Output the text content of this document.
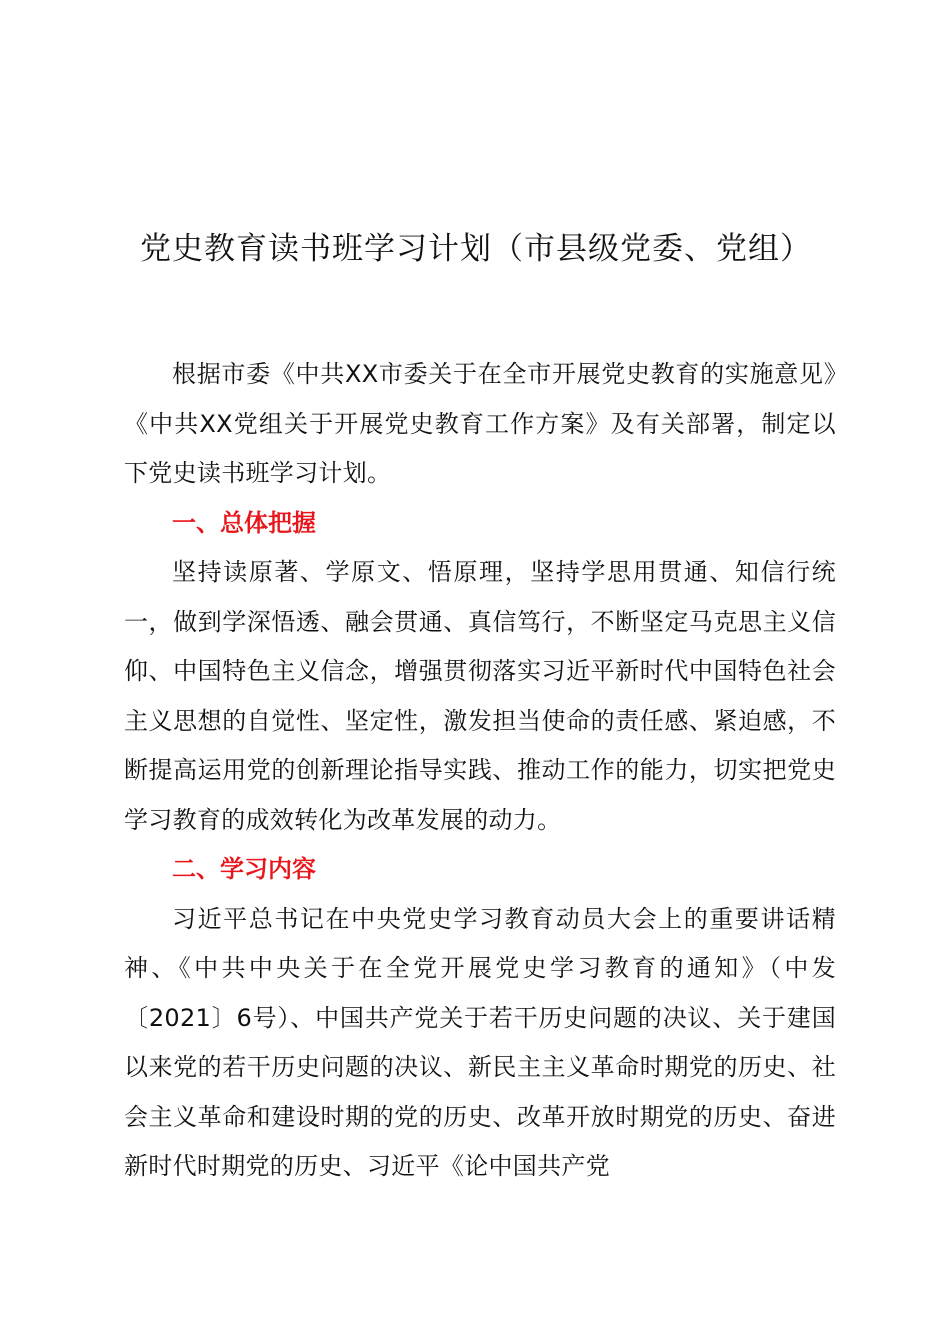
党史教育读书班学习计划（市县级党委、党组）

根据市委《中共XX市委关于在全市开展党史教育的实施意见》《中共XX党组关于开展党史教育工作方案》及有关部署，制定以下党史读书班学习计划。

一、总体把握

坚持读原著、学原文、悟原理，坚持学思用贯通、知信行统一，做到学深悟透、融会贯通、真信笃行，不断坚定马克思主义信仰、中国特色主义信念，增强贯彻落实习近平新时代中国特色社会主义思想的自觉性、坚定性，激发担当使命的责任感、紧迫感，不断提高运用党的创新理论指导实践、推动工作的能力，切实把党史学习教育的成效转化为改革发展的动力。

二、学习内容

习近平总书记在中央党史学习教育动员大会上的重要讲话精神、《中共中央关于在全党开展党史学习教育的通知》（中发〔2021〕6号）、中国共产党关于若干历史问题的决议、关于建国以来党的若干历史问题的决议、新民主主义革命时期党的历史、社会主义革命和建设时期的党的历史、改革开放时期党的历史、奋进新时代时期党的历史、习近平《论中国共产党
